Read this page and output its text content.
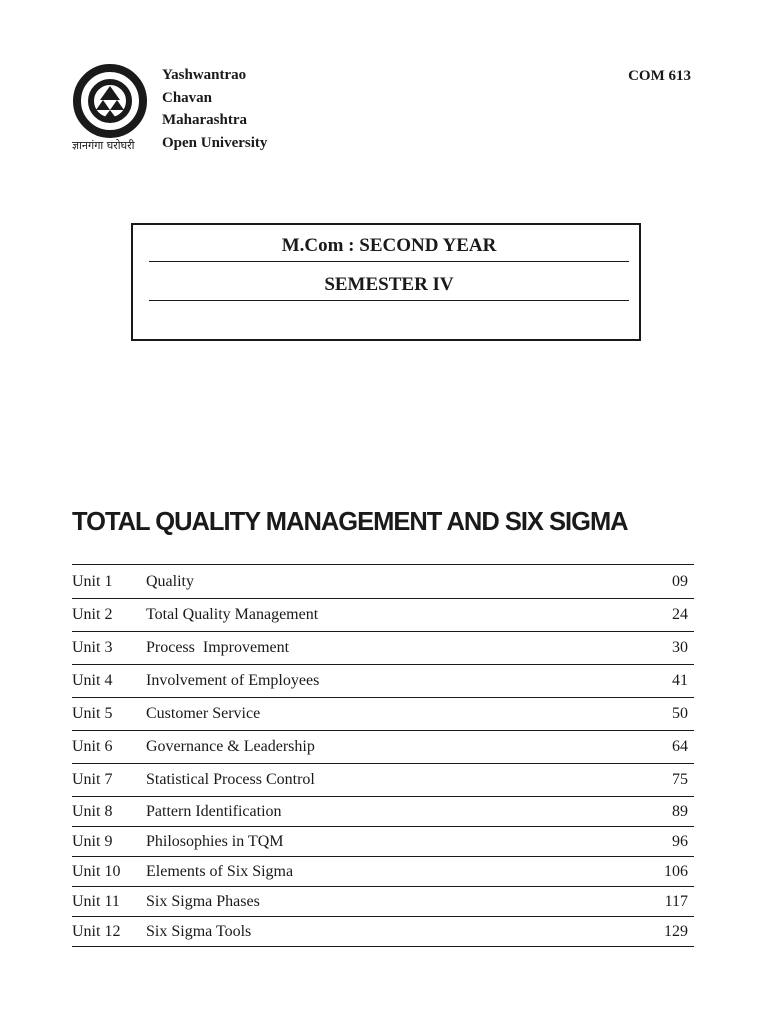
ज्ञानगंगा घरोघरी
Yashwantrao
Chavan
Maharashtra
Open University
COM 613
M.Com : SECOND YEAR
SEMESTER IV
TOTAL QUALITY MANAGEMENT AND SIX SIGMA
Unit 1	Quality	09
Unit 2	Total Quality Management	24
Unit 3	Process  Improvement	30
Unit 4	Involvement of Employees	41
Unit 5	Customer Service	50
Unit 6	Governance & Leadership	64
Unit 7	Statistical Process Control	75
Unit 8	Pattern Identification	89
Unit 9	Philosophies in TQM	96
Unit 10	Elements of Six Sigma	106
Unit 11	Six Sigma Phases	117
Unit 12	Six Sigma Tools	129
